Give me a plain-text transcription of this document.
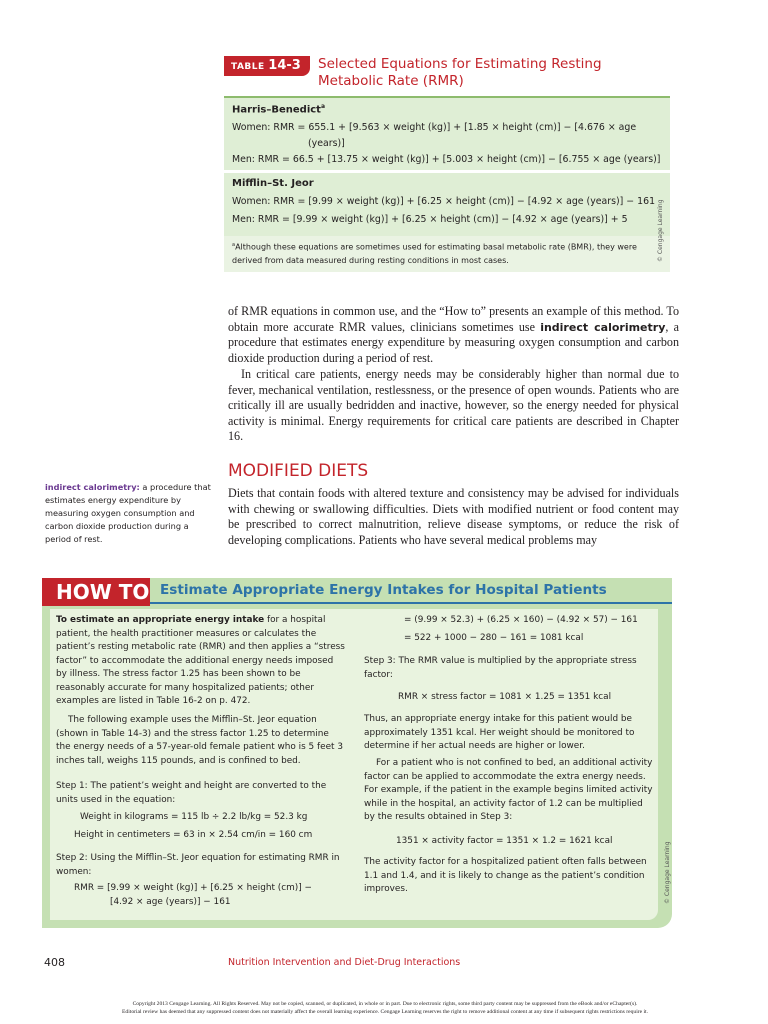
TABLE 14-3	Selected Equations for Estimating Resting
Metabolic Rate (RMR)
Harris–Benedict$^a$
Women: RMR = 655.1 + [9.563 × weight (kg)] + [1.85 × height (cm)] − [4.676 × age
(years)]
Men: RMR = 66.5 + [13.75 × weight (kg)] + [5.003 × height (cm)] − [6.755 × age (years)]
Mifflin–St. Jeor
Women: RMR = [9.99 × weight (kg)] + [6.25 × height (cm)] − [4.92 × age (years)] − 161
Men: RMR = [9.99 × weight (kg)] + [6.25 × height (cm)] − [4.92 × age (years)] + 5
$^a$Although these equations are sometimes used for estimating basal metabolic rate (BMR), they were
derived from data measured during resting conditions in most cases.	© Cengage Learning
of RMR equations in common use, and the “How to” presents an example of this method. To obtain more accurate RMR values, clinicians sometimes use indirect calorimetry, a procedure that estimates energy expenditure by measuring oxygen consumption and carbon dioxide production during a period of rest.
In critical care patients, energy needs may be considerably higher than normal due to fever, mechanical ventilation, restlessness, or the presence of open wounds. Patients who are critically ill are usually bedridden and inactive, however, so the energy needed for physical activity is minimal. Energy requirements for critical care patients are described in Chapter 16.
MODIFIED DIETS
Diets that contain foods with altered texture and consistency may be advised for individuals with chewing or swallowing difficulties. Diets with modified nutrient or food content may be prescribed to correct malnutrition, relieve disease symptoms, or reduce the risk of developing complications. Patients who have several medical problems may
indirect calorimetry: a procedure that estimates energy expenditure by measuring oxygen consumption and carbon dioxide production during a period of rest.
HOW TO Estimate Appropriate Energy Intakes for Hospital Patients
To estimate an appropriate energy intake for a hospital patient, the health practitioner measures or calculates the patient’s resting metabolic rate (RMR) and then applies a “stress factor” to accommodate the additional energy needs imposed by illness. The stress factor 1.25 has been shown to be reasonably accurate for many hospitalized patients; other examples are listed in Table 16-2 on p. 472.
The following example uses the Mifflin–St. Jeor equation (shown in Table 14-3) and the stress factor 1.25 to determine the energy needs of a 57-year-old female patient who is 5 feet 3 inches tall, weighs 115 pounds, and is confined to bed.
Step 1: The patient’s weight and height are converted to the units used in the equation:
Weight in kilograms = 115 lb ÷ 2.2 lb/kg = 52.3 kg
Height in centimeters = 63 in × 2.54 cm/in = 160 cm
Step 2: Using the Mifflin–St. Jeor equation for estimating RMR in women:
RMR = [9.99 × weight (kg)] + [6.25 × height (cm)] −
[4.92 × age (years)] − 161
= (9.99 × 52.3) + (6.25 × 160) − (4.92 × 57) − 161
= 522 + 1000 − 280 − 161 = 1081 kcal
Step 3: The RMR value is multiplied by the appropriate stress factor:
RMR × stress factor = 1081 × 1.25 = 1351 kcal
Thus, an appropriate energy intake for this patient would be approximately 1351 kcal. Her weight should be monitored to determine if her actual needs are higher or lower.
For a patient who is not confined to bed, an additional activity factor can be applied to accommodate the extra energy needs. For example, if the patient in the example begins limited activity while in the hospital, an activity factor of 1.2 can be multiplied by the results obtained in Step 3:
1351 × activity factor = 1351 × 1.2 = 1621 kcal
The activity factor for a hospitalized patient often falls between 1.1 and 1.4, and it is likely to change as the patient’s condition improves.	© Cengage Learning
408	Nutrition Intervention and Diet-Drug Interactions
Copyright 2013 Cengage Learning. All Rights Reserved. May not be copied, scanned, or duplicated, in whole or in part. Due to electronic rights, some third party content may be suppressed from the eBook and/or eChapter(s).
Editorial review has deemed that any suppressed content does not materially affect the overall learning experience. Cengage Learning reserves the right to remove additional content at any time if subsequent rights restrictions require it.
